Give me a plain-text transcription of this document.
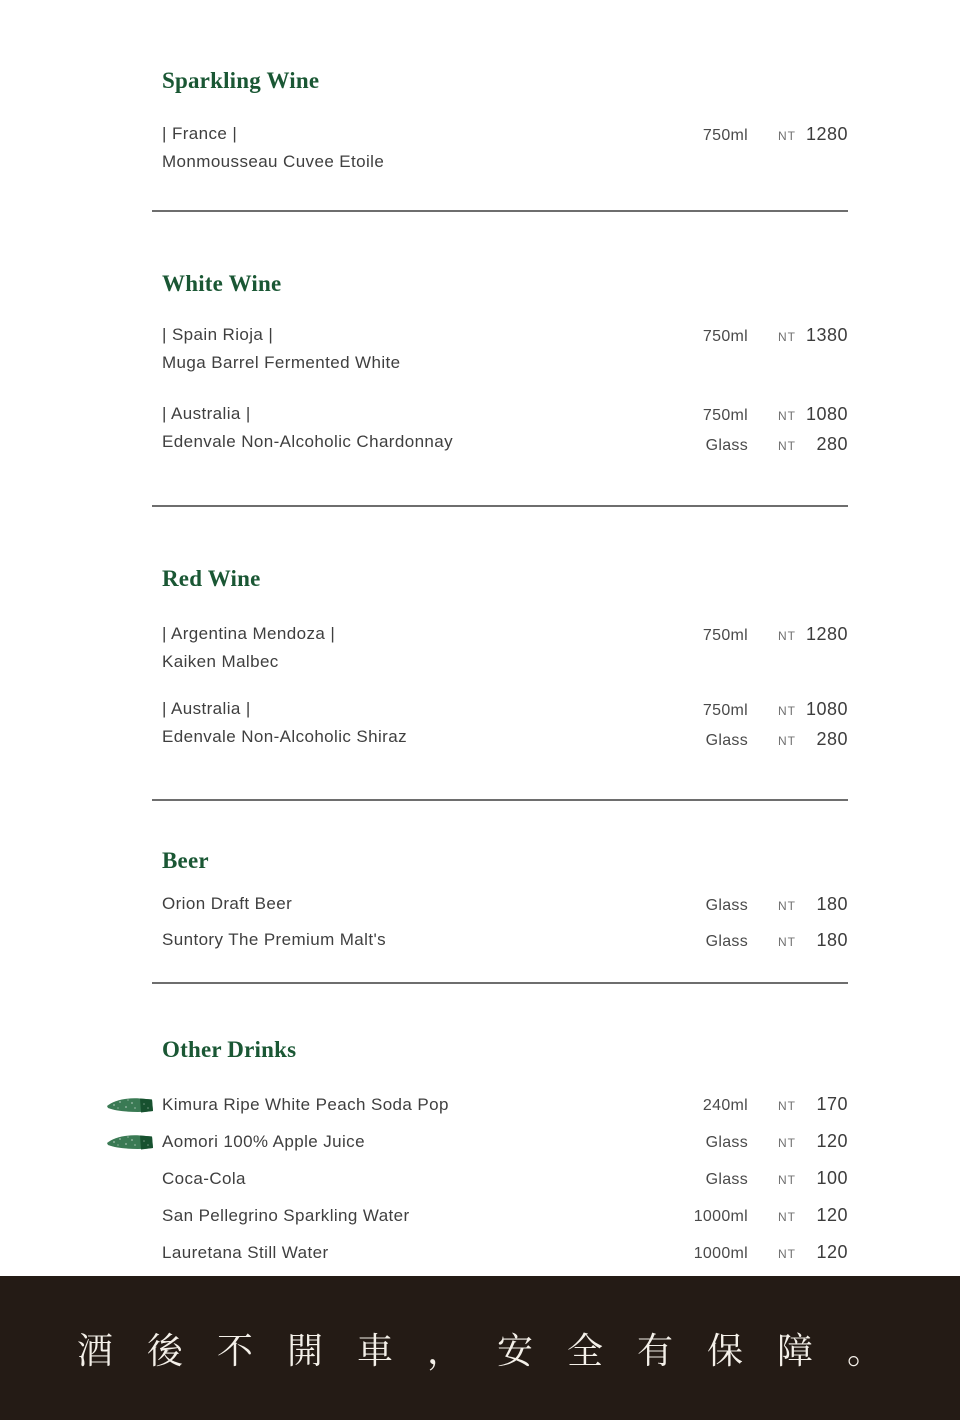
Sparkling Wine
| France |
Monmousseau Cuvee Etoile
750ml	NT 1280
White Wine
| Spain Rioja |
Muga Barrel Fermented White
750ml	NT 1380
| Australia |
Edenvale Non-Alcoholic Chardonnay
750ml	NT 1080
Glass	NT	280
Red Wine
| Argentina Mendoza |
Kaiken Malbec
750ml	NT 1280
| Australia |
Edenvale Non-Alcoholic Shiraz
750ml	NT 1080
Glass	NT	280
Beer
Orion Draft Beer	Glass	NT	180
Suntory The Premium Malt's	Glass	NT	180
Other Drinks
Kimura Ripe White Peach Soda Pop	240ml	NT	170
Aomori 100% Apple Juice	Glass	NT	120
Coca-Cola	Glass	NT	100
San Pellegrino Sparkling Water	1000ml	NT	120
Lauretana Still Water	1000ml	NT	120
酒後不開車，安全有保障。
